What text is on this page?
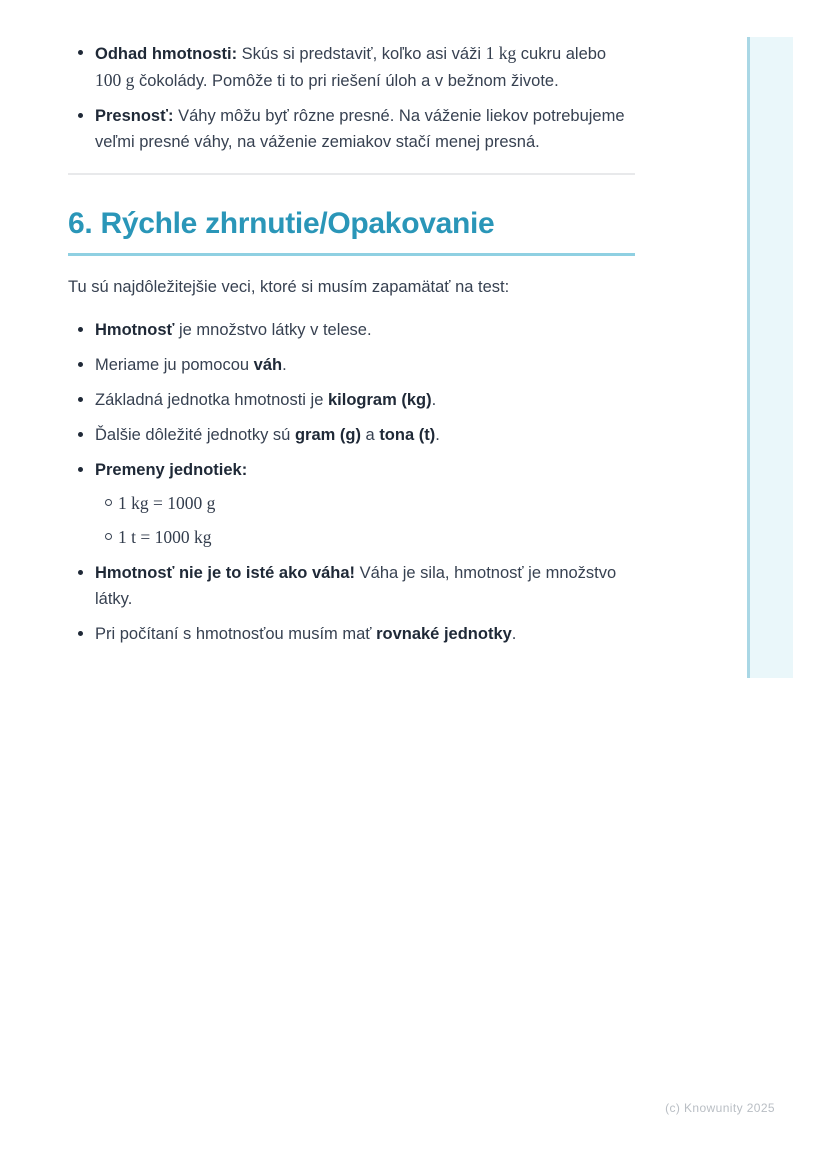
Odhad hmotnosti: Skús si predstaviť, koľko asi váži 1 kg cukru alebo 100 g čokolády. Pomôže ti to pri riešení úloh a v bežnom živote.
Presnosť: Váhy môžu byť rôzne presné. Na váženie liekov potrebujeme veľmi presné váhy, na váženie zemiakov stačí menej presná.
6. Rýchle zhrnutie/Opakovanie

Tu sú najdôležitejšie veci, ktoré si musím zapamätať na test:

Hmotnosť je množstvo látky v telese.
Meriame ju pomocou váh.
Základná jednotka hmotnosti je kilogram (kg).
Ďalšie dôležité jednotky sú gram (g) a tona (t).
Premeny jednotiek:
1 kg = 1000 g
1 t = 1000 kg
Hmotnosť nie je to isté ako váha! Váha je sila, hmotnosť je množstvo látky.
Pri počítaní s hmotnosťou musím mať rovnaké jednotky.
(c) Knowunity 2025
